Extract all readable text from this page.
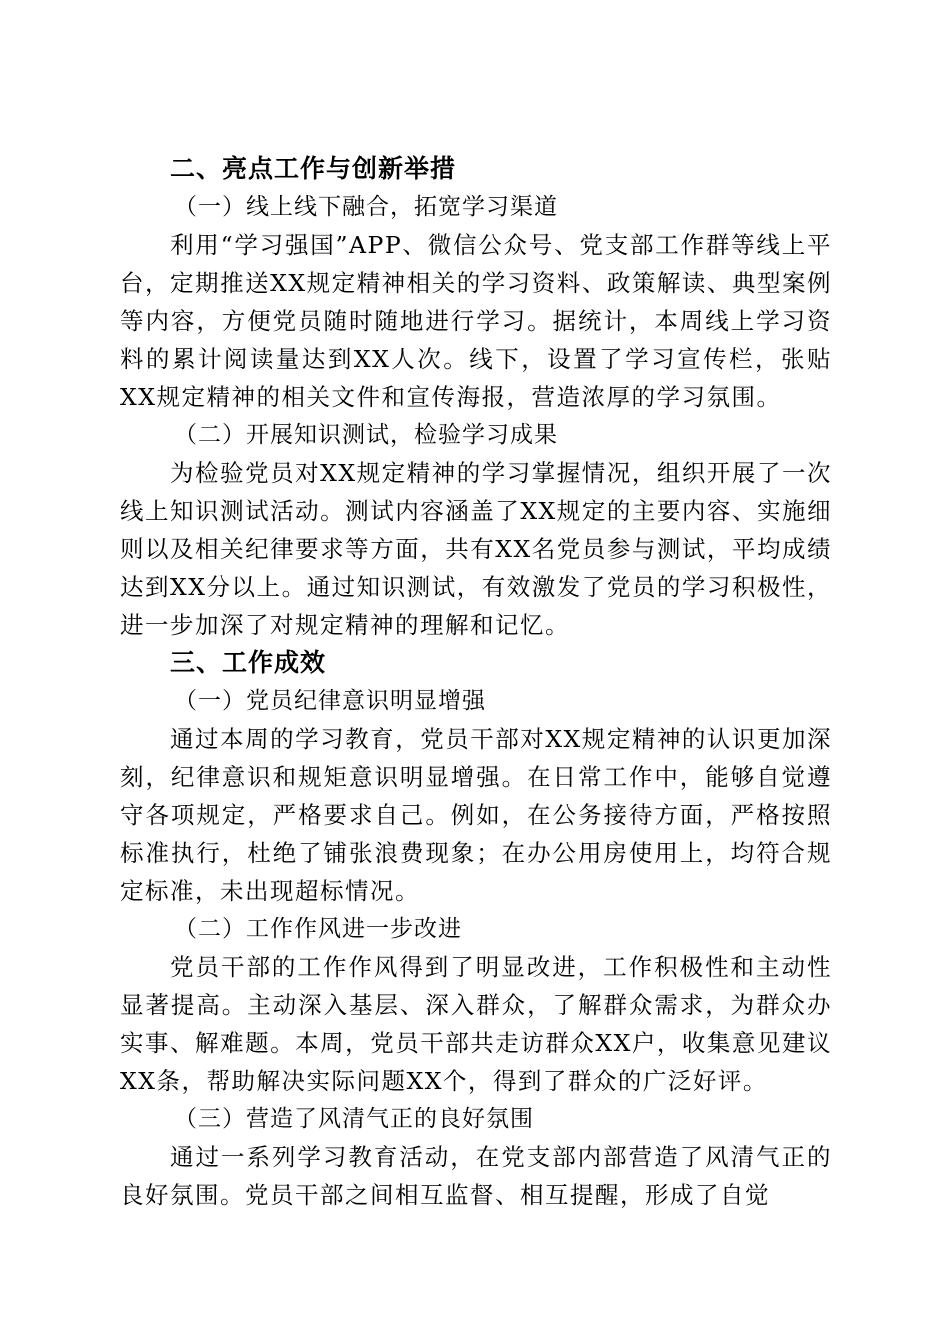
二、亮点工作与创新举措
（一）线上线下融合，拓宽学习渠道

利用“学习强国”APP、微信公众号、党支部工作群等线上平台，定期推送XX规定精神相关的学习资料、政策解读、典型案例等内容，方便党员随时随地进行学习。据统计，本周线上学习资料的累计阅读量达到XX人次。线下，设置了学习宣传栏，张贴XX规定精神的相关文件和宣传海报，营造浓厚的学习氛围。

（二）开展知识测试，检验学习成果

为检验党员对XX规定精神的学习掌握情况，组织开展了一次线上知识测试活动。测试内容涵盖了XX规定的主要内容、实施细则以及相关纪律要求等方面，共有XX名党员参与测试，平均成绩达到XX分以上。通过知识测试，有效激发了党员的学习积极性，进一步加深了对规定精神的理解和记忆。

三、工作成效
（一）党员纪律意识明显增强

通过本周的学习教育，党员干部对XX规定精神的认识更加深刻，纪律意识和规矩意识明显增强。在日常工作中，能够自觉遵守各项规定，严格要求自己。例如，在公务接待方面，严格按照标准执行，杜绝了铺张浪费现象；在办公用房使用上，均符合规定标准，未出现超标情况。

（二）工作作风进一步改进

党员干部的工作作风得到了明显改进，工作积极性和主动性显著提高。主动深入基层、深入群众，了解群众需求，为群众办实事、解难题。本周，党员干部共走访群众XX户，收集意见建议XX条，帮助解决实际问题XX个，得到了群众的广泛好评。

（三）营造了风清气正的良好氛围

通过一系列学习教育活动，在党支部内部营造了风清气正的良好氛围。党员干部之间相互监督、相互提醒，形成了自觉
